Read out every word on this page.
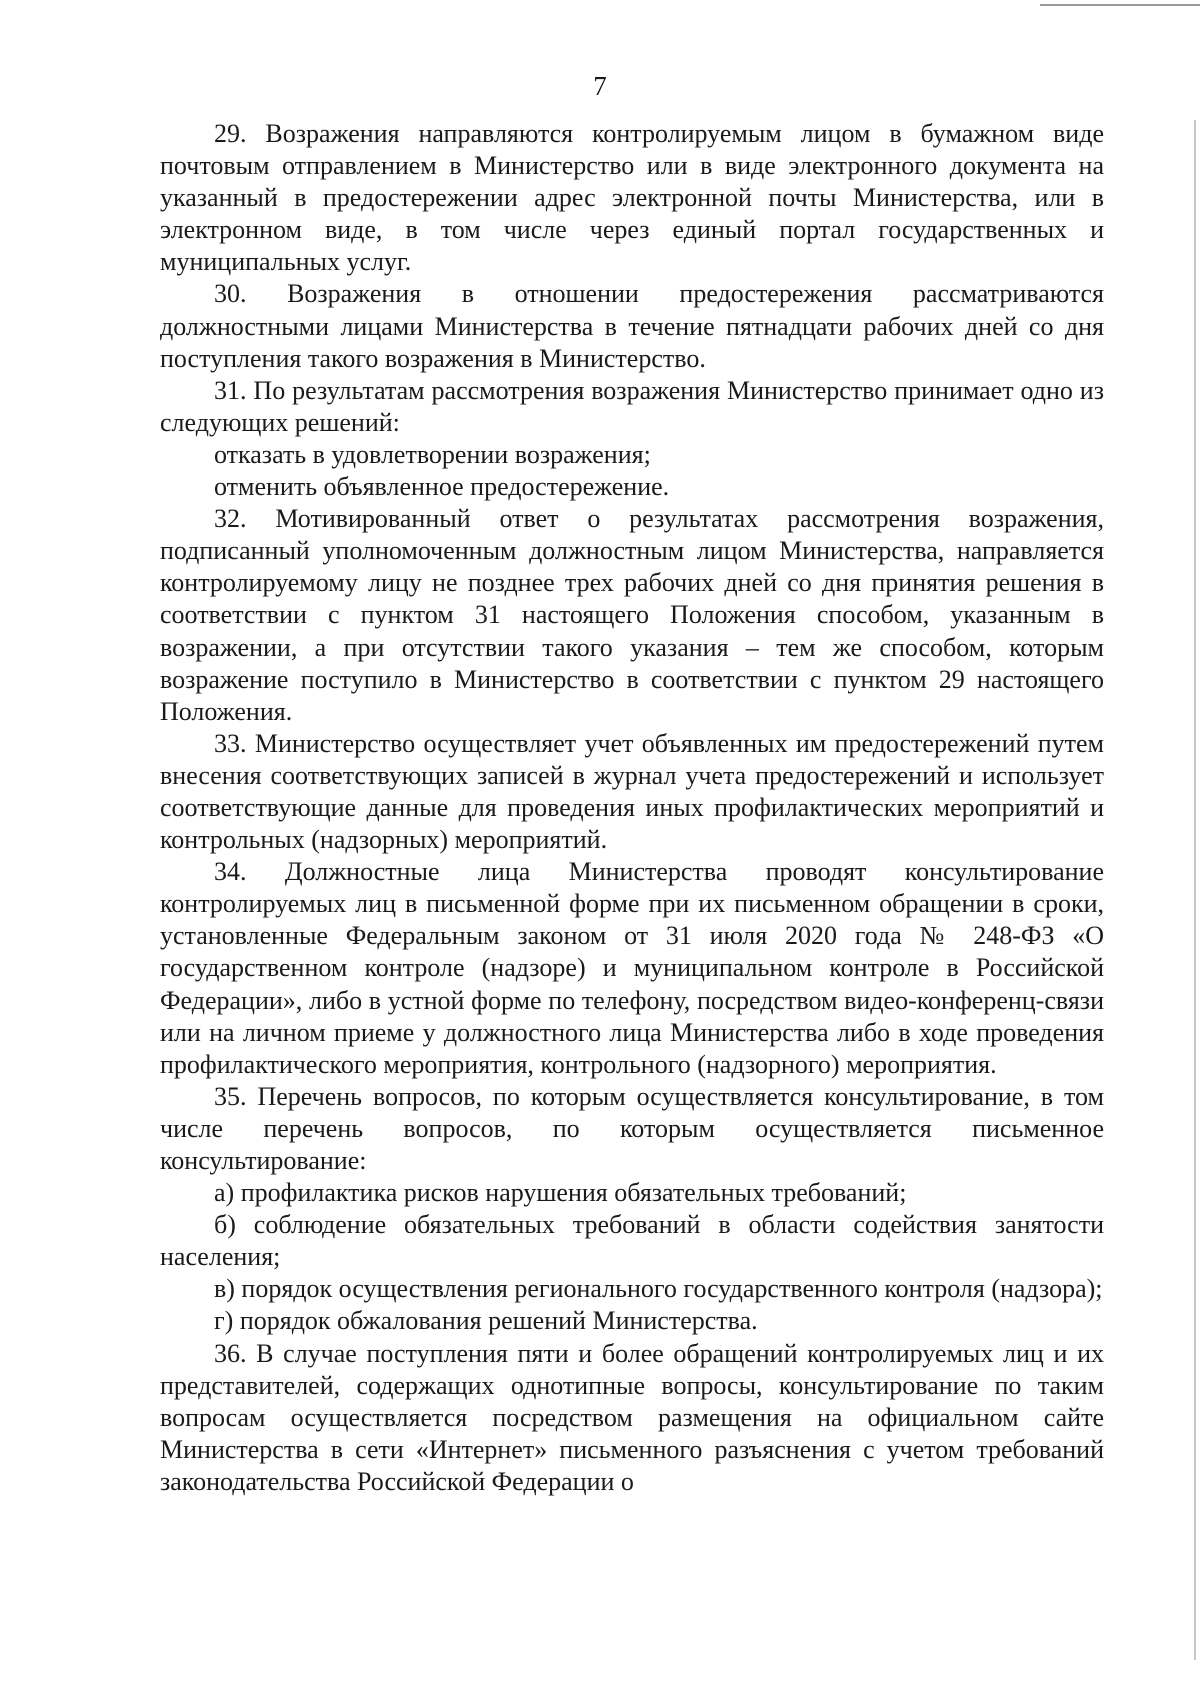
7

29. Возражения направляются контролируемым лицом в бумажном виде почтовым отправлением в Министерство или в виде электронного документа на указанный в предостережении адрес электронной почты Министерства, или в электронном виде, в том числе через единый портал государственных и муниципальных услуг.

30. Возражения в отношении предостережения рассматриваются должностными лицами Министерства в течение пятнадцати рабочих дней со дня поступления такого возражения в Министерство.

31. По результатам рассмотрения возражения Министерство принимает одно из следующих решений:

отказать в удовлетворении возражения;

отменить объявленное предостережение.

32. Мотивированный ответ о результатах рассмотрения возражения, подписанный уполномоченным должностным лицом Министерства, направляется контролируемому лицу не позднее трех рабочих дней со дня принятия решения в соответствии с пунктом 31 настоящего Положения способом, указанным в возражении, а при отсутствии такого указания – тем же способом, которым возражение поступило в Министерство в соответствии с пунктом 29 настоящего Положения.

33. Министерство осуществляет учет объявленных им предостережений путем внесения соответствующих записей в журнал учета предостережений и использует соответствующие данные для проведения иных профилактических мероприятий и контрольных (надзорных) мероприятий.

34. Должностные лица Министерства проводят консультирование контролируемых лиц в письменной форме при их письменном обращении в сроки, установленные Федеральным законом от 31 июля 2020 года № 248-ФЗ «О государственном контроле (надзоре) и муниципальном контроле в Российской Федерации», либо в устной форме по телефону, посредством видео-конференц-связи или на личном приеме у должностного лица Министерства либо в ходе проведения профилактического мероприятия, контрольного (надзорного) мероприятия.

35. Перечень вопросов, по которым осуществляется консультирование, в том числе перечень вопросов, по которым осуществляется письменное консультирование:

а) профилактика рисков нарушения обязательных требований;

б) соблюдение обязательных требований в области содействия занятости населения;

в) порядок осуществления регионального государственного контроля (надзора);

г) порядок обжалования решений Министерства.

36. В случае поступления пяти и более обращений контролируемых лиц и их представителей, содержащих однотипные вопросы, консультирование по таким вопросам осуществляется посредством размещения на официальном сайте Министерства в сети «Интернет» письменного разъяснения с учетом требований законодательства Российской Федерации о
